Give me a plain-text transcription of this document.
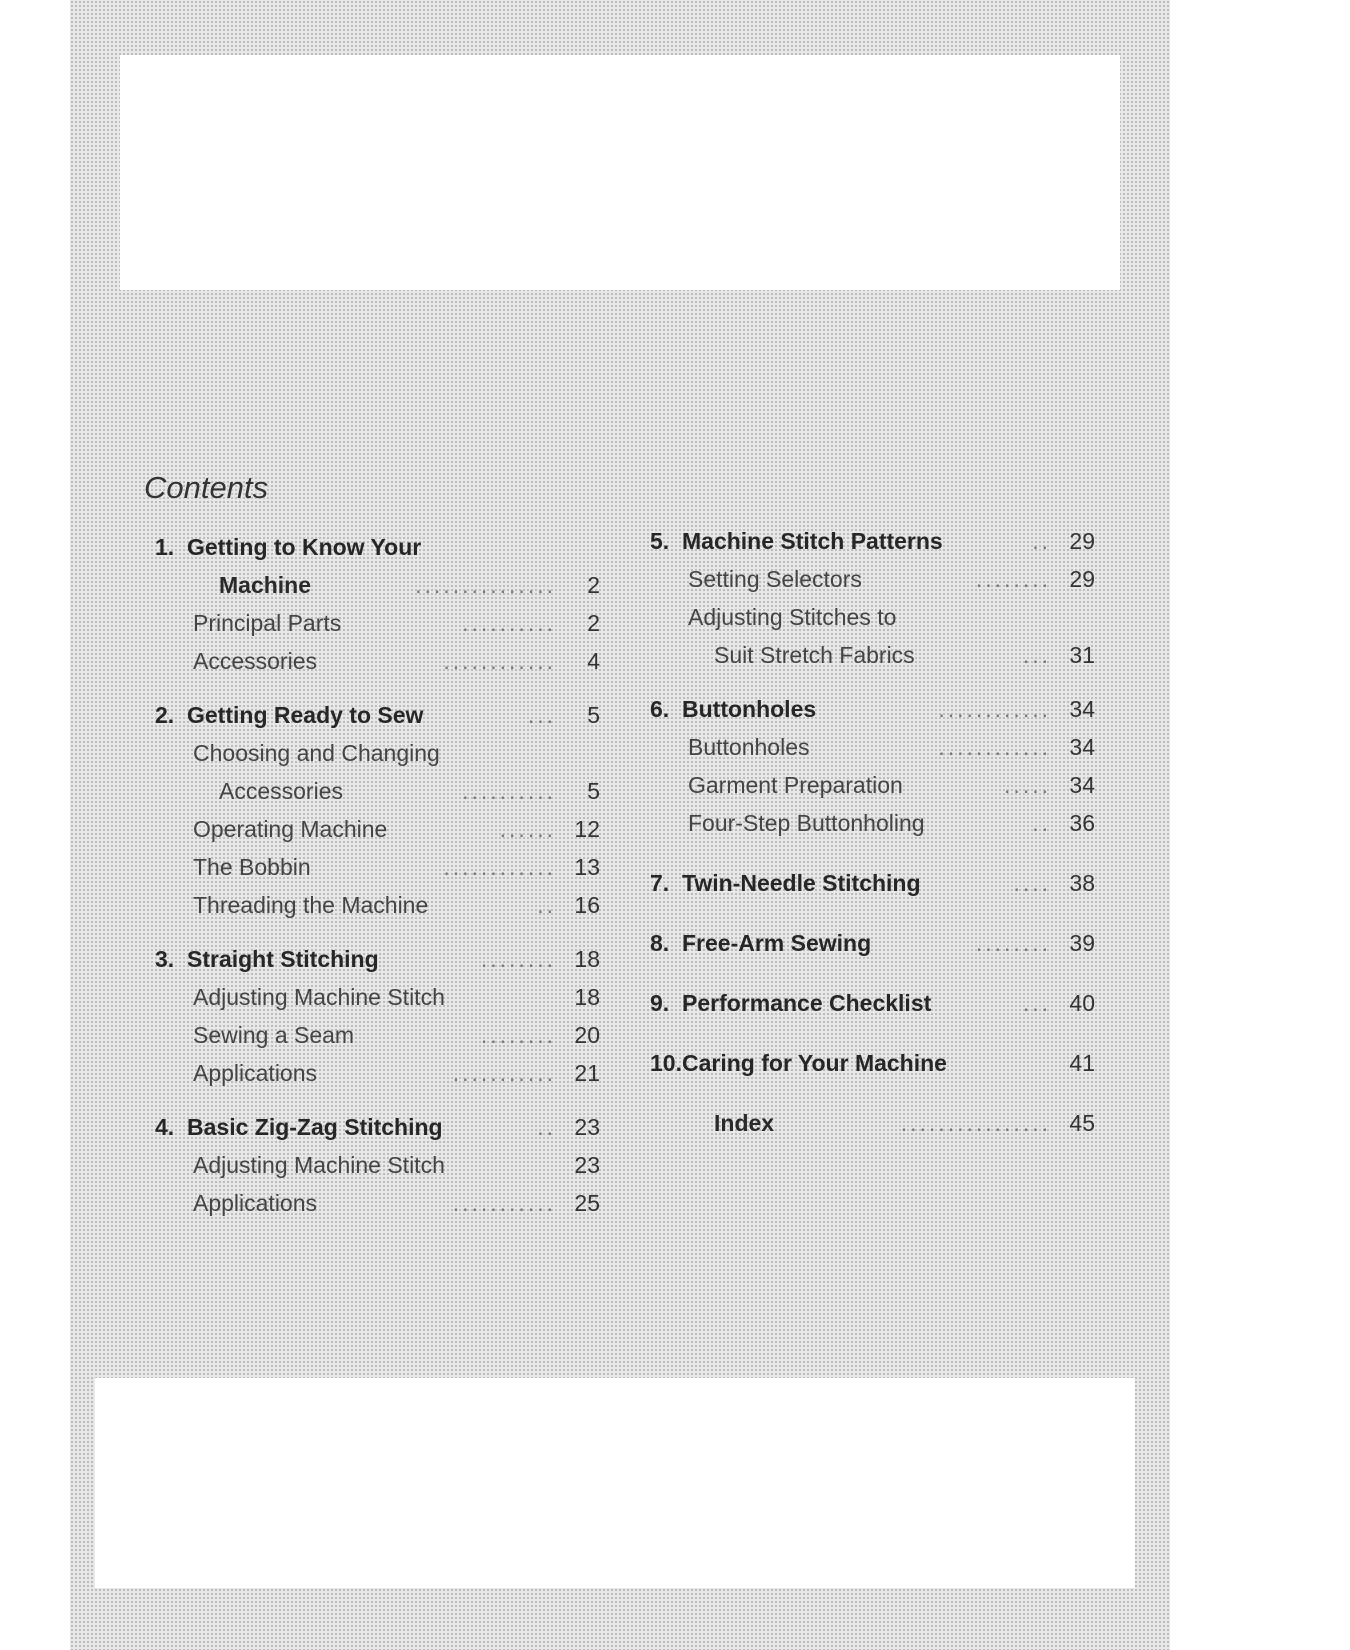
Contents
1. Getting to Know Your
Machine	...............	2
Principal Parts	..........	2
Accessories	............	4
2. Getting Ready to Sew	...	5
Choosing and Changing
Accessories	..........	5
Operating Machine	...... 12
The Bobbin	............ 13
Threading the Machine	.. 16
3. Straight Stitching	........ 18
Adjusting Machine Stitch	18
Sewing a Seam	........ 20
Applications	........... 21
4. Basic Zig-Zag Stitching	.. 23
Adjusting Machine Stitch	23
Applications	........... 25
5. Machine Stitch Patterns	.. 29
Setting Selectors	........ 29
Adjusting Stitches to
Suit Stretch Fabrics	... 31
6. Buttonholes	............ 34
Buttonholes	............ 34
Garment Preparation	..... 34
Four-Step Buttonholing	.. 36
7. Twin-Needle Stitching	.... 38
8. Free-Arm Sewing	........ 39
9. Performance Checklist	... 40
10.Caring for Your Machine	41
Index	................ 45
